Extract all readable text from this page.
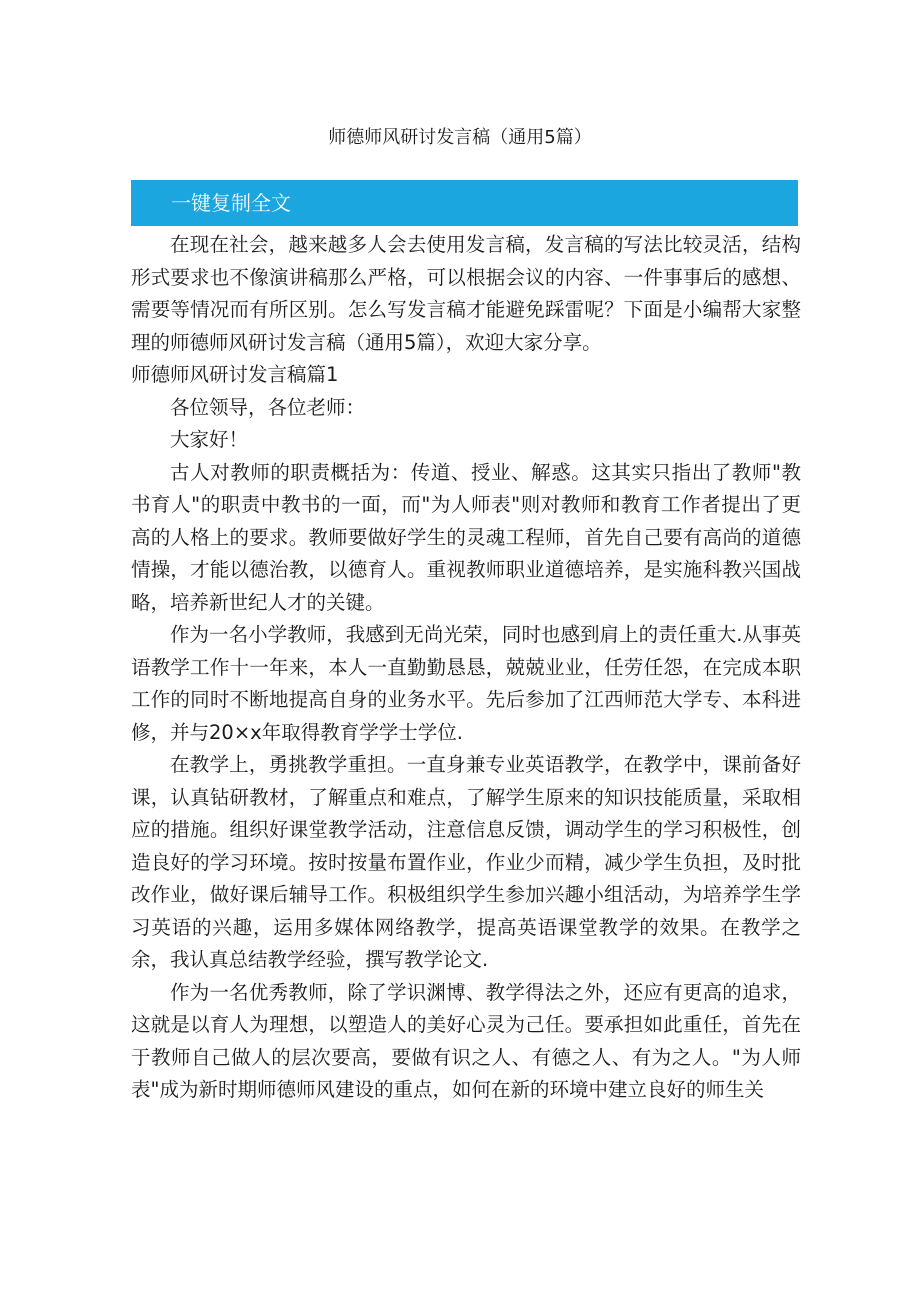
师德师风研讨发言稿（通用5篇）
一键复制全文

在现在社会，越来越多人会去使用发言稿，发言稿的写法比较灵活，结构形式要求也不像演讲稿那么严格，可以根据会议的内容、一件事事后的感想、需要等情况而有所区别。怎么写发言稿才能避免踩雷呢？下面是小编帮大家整理的师德师风研讨发言稿（通用5篇），欢迎大家分享。

师德师风研讨发言稿篇1

各位领导，各位老师：

大家好！

古人对教师的职责概括为：传道、授业、解惑。这其实只指出了教师"教书育人"的职责中教书的一面，而"为人师表"则对教师和教育工作者提出了更高的人格上的要求。教师要做好学生的灵魂工程师，首先自己要有高尚的道德情操，才能以德治教，以德育人。重视教师职业道德培养，是实施科教兴国战略，培养新世纪人才的关键。

作为一名小学教师，我感到无尚光荣，同时也感到肩上的责任重大.从事英语教学工作十一年来，本人一直勤勤恳恳，兢兢业业，任劳任怨，在完成本职工作的同时不断地提高自身的业务水平。先后参加了江西师范大学专、本科进修，并与20×x年取得教育学学士学位.

在教学上，勇挑教学重担。一直身兼专业英语教学，在教学中，课前备好课，认真钻研教材，了解重点和难点，了解学生原来的知识技能质量，采取相应的措施。组织好课堂教学活动，注意信息反馈，调动学生的学习积极性，创造良好的学习环境。按时按量布置作业，作业少而精，减少学生负担，及时批改作业，做好课后辅导工作。积极组织学生参加兴趣小组活动，为培养学生学习英语的兴趣，运用多媒体网络教学，提高英语课堂教学的效果。在教学之余，我认真总结教学经验，撰写教学论文.

作为一名优秀教师，除了学识渊博、教学得法之外，还应有更高的追求，这就是以育人为理想，以塑造人的美好心灵为己任。要承担如此重任，首先在于教师自己做人的层次要高，要做有识之人、有德之人、有为之人。"为人师表"成为新时期师德师风建设的重点，如何在新的环境中建立良好的师生关
